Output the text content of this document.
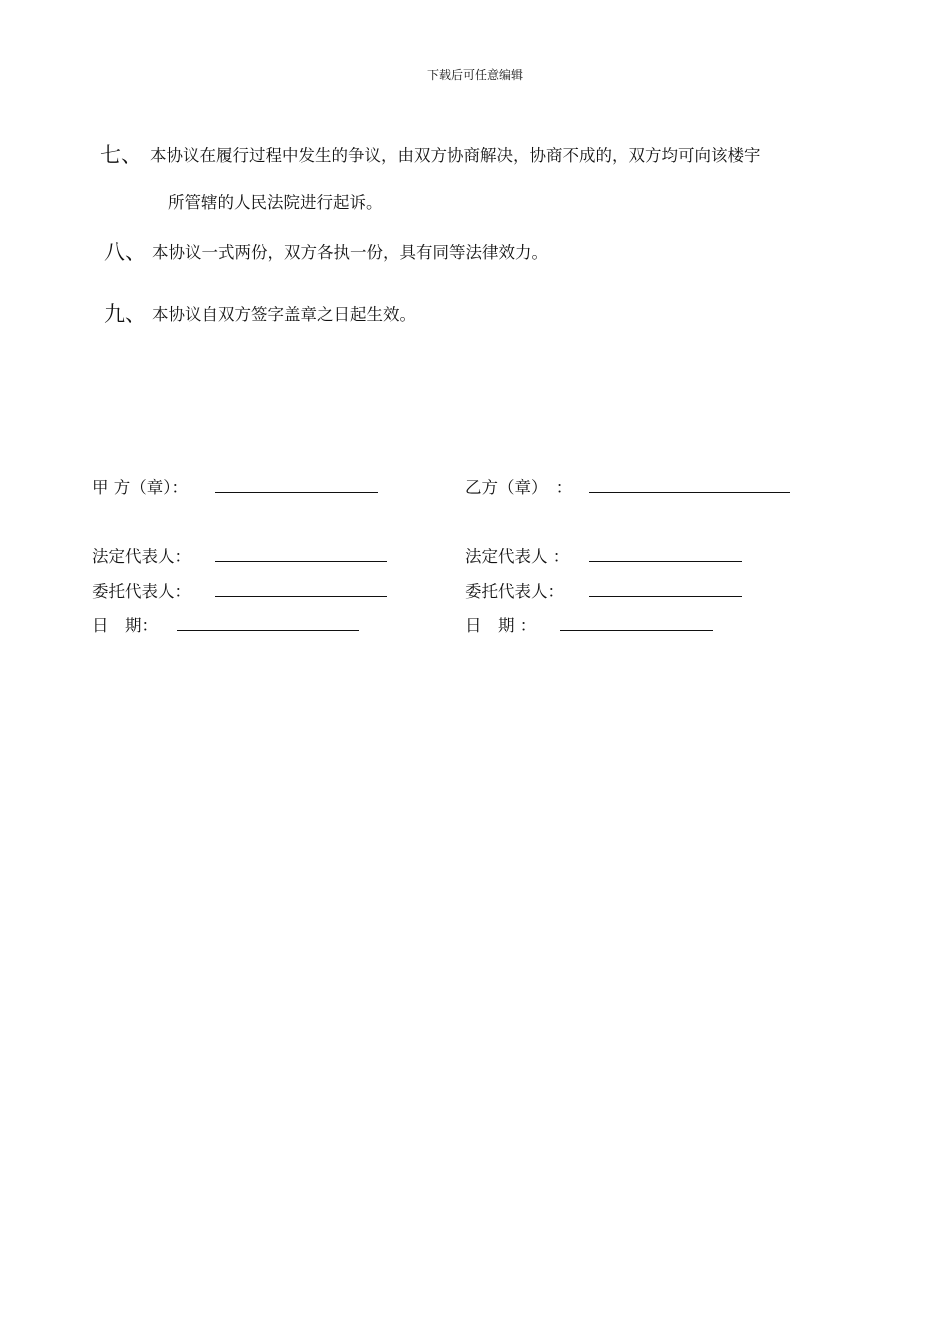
下载后可任意编辑
七、 本协议在履行过程中发生的争议，由双方协商解决，协商不成的，双方均可向该楼宇
所管辖的人民法院进行起诉。
八、 本协议一式两份，双方各执一份，具有同等法律效力。
九、 本协议自双方签字盖章之日起生效。
甲 方（章）：
法定代表人：
委托代表人：
日　期：
乙方（章）　：
法定代表人 ：
委托代表人：
日　期 ：
